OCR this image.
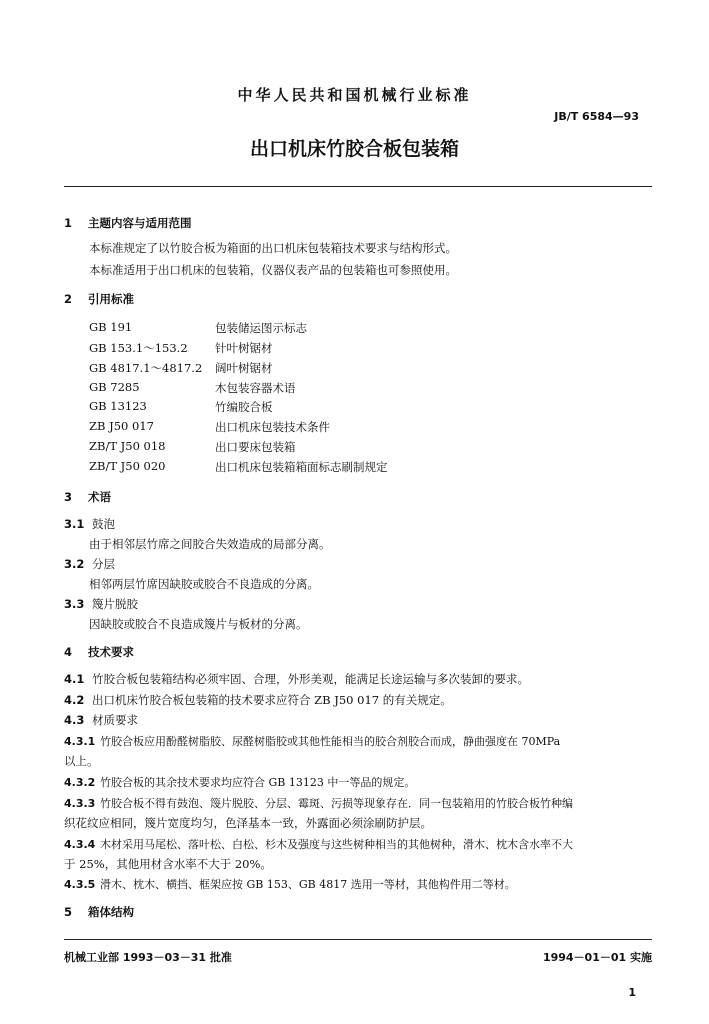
中华人民共和国机械行业标准
JB/T 6584—93
出口机床竹胶合板包装箱
1 主题内容与适用范围
本标准规定了以竹胶合板为箱面的出口机床包装箱技术要求与结构形式。
本标准适用于出口机床的包装箱，仪器仪表产品的包装箱也可参照使用。
2 引用标准
GB 191	包装储运图示标志
GB 153.1～153.2 针叶树锯材
GB 4817.1～4817.2 阔叶树锯材
GB 7285	木包装容器术语
GB 13123	竹编胶合板
ZB J50 017	出口机床包装技术条件
ZB/T J50 018	出口要床包装箱
ZB/T J50 020	出口机床包装箱箱面标志刷制规定
3 术语
3.1 鼓泡
由于相邻层竹席之间胶合失效造成的局部分离。
3.2 分层
相邻两层竹席因缺胶或胶合不良造成的分离。
3.3 篾片脱胶
因缺胶或胶合不良造成篾片与板材的分离。
4 技术要求
4.1 竹胶合板包装箱结构必须牢固、合理，外形美观，能满足长途运输与多次装卸的要求。
4.2 出口机床竹胶合板包装箱的技术要求应符合 ZB J50 017 的有关规定。
4.3 材质要求
4.3.1 竹胶合板应用酚醛树脂胶、尿醛树脂胶或其他性能相当的胶合剂胶合而成，静曲强度在 70MPa
以上。
4.3.2 竹胶合板的其余技术要求均应符合 GB 13123 中一等品的规定。
4.3.3 竹胶合板不得有鼓泡、篾片脱胶、分层、霉斑、污损等现象存在．同一包装箱用的竹胶合板竹种编
织花纹应相同，篾片宽度均匀，色泽基本一致，外露面必须涂刷防护层。
4.3.4 木材采用马尾松、落叶松、白松、杉木及强度与这些树种相当的其他树种，滑木、枕木含水率不大
于 25%，其他用材含水率不大于 20%。
4.3.5 滑木、枕木、横挡、框架应按 GB 153、GB 4817 选用一等材，其他构件用二等材。
5 箱体结构
机械工业部 1993－03－31 批准	1994－01－01 实施
1
